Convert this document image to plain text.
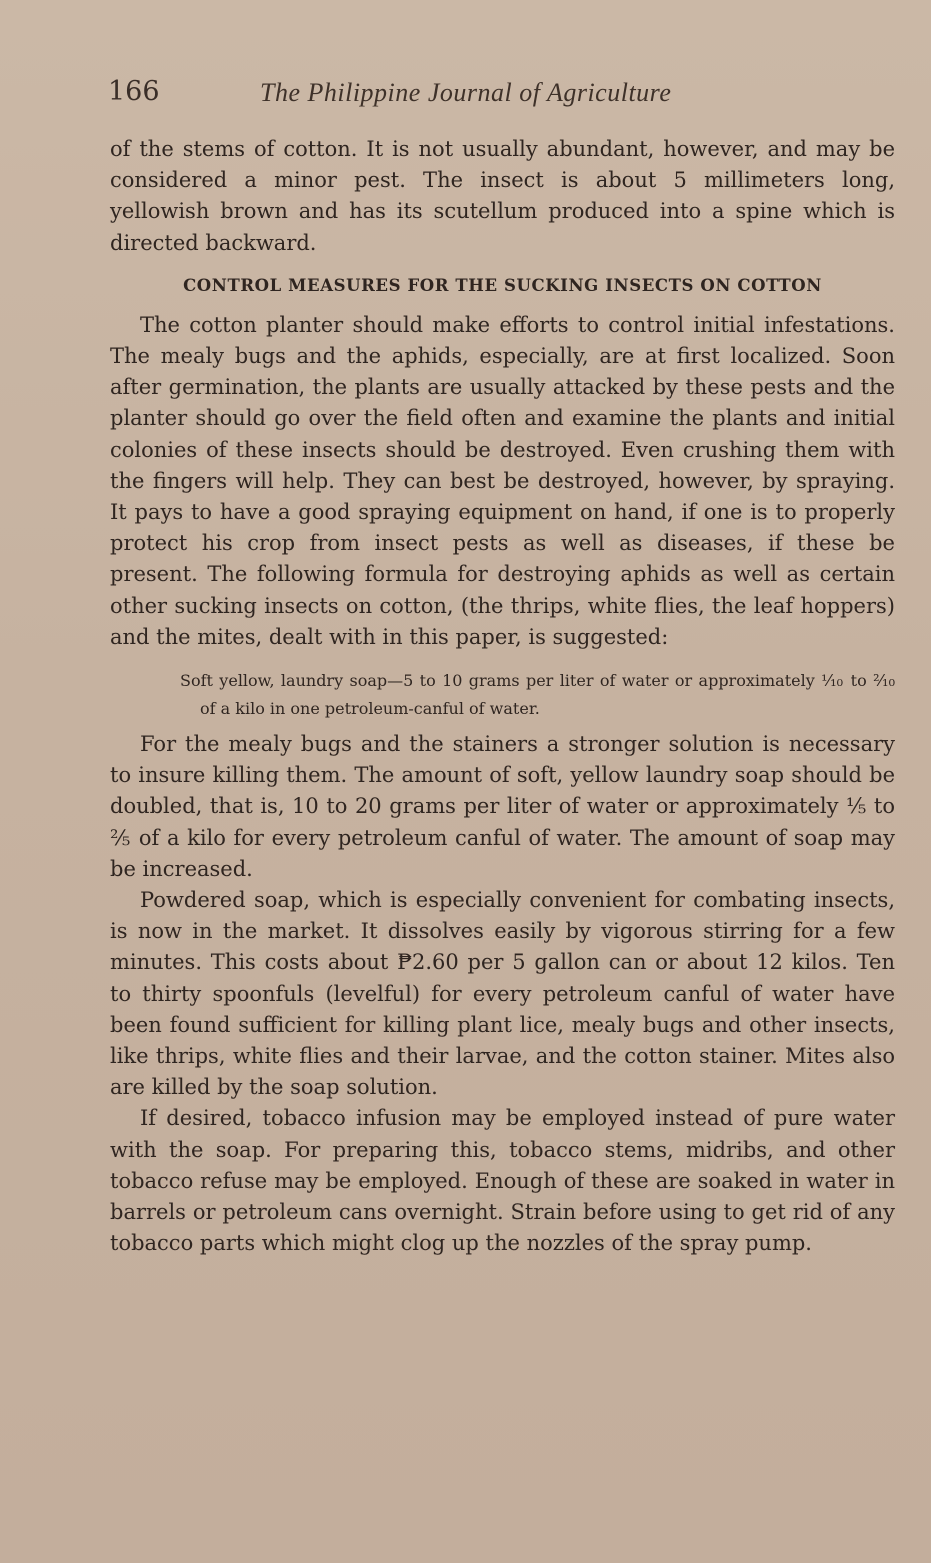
166	The Philippine Journal of Agriculture

of the stems of cotton. It is not usually abundant, however, and may be considered a minor pest. The insect is about 5 millimeters long, yellowish brown and has its scutellum produced into a spine which is directed backward.

CONTROL MEASURES FOR THE SUCKING INSECTS ON COTTON

The cotton planter should make efforts to control initial infestations. The mealy bugs and the aphids, especially, are at first localized. Soon after germination, the plants are usually attacked by these pests and the planter should go over the field often and examine the plants and initial colonies of these insects should be destroyed. Even crushing them with the fingers will help. They can best be destroyed, however, by spraying. It pays to have a good spraying equipment on hand, if one is to properly protect his crop from insect pests as well as diseases, if these be present. The following formula for destroying aphids as well as certain other sucking insects on cotton, (the thrips, white flies, the leaf hoppers) and the mites, dealt with in this paper, is suggested:

Soft yellow, laundry soap—5 to 10 grams per liter of water or approximately ⅒ to ²⁄₁₀ of a kilo in one petroleum-canful of water.

For the mealy bugs and the stainers a stronger solution is necessary to insure killing them. The amount of soft, yellow laundry soap should be doubled, that is, 10 to 20 grams per liter of water or approximately ⅕ to ⅖ of a kilo for every petroleum canful of water. The amount of soap may be increased.

Powdered soap, which is especially convenient for combating insects, is now in the market. It dissolves easily by vigorous stirring for a few minutes. This costs about ₱2.60 per 5 gallon can or about 12 kilos. Ten to thirty spoonfuls (levelful) for every petroleum canful of water have been found sufficient for killing plant lice, mealy bugs and other insects, like thrips, white flies and their larvae, and the cotton stainer. Mites also are killed by the soap solution.

If desired, tobacco infusion may be employed instead of pure water with the soap. For preparing this, tobacco stems, midribs, and other tobacco refuse may be employed. Enough of these are soaked in water in barrels or petroleum cans overnight. Strain before using to get rid of any tobacco parts which might clog up the nozzles of the spray pump.
